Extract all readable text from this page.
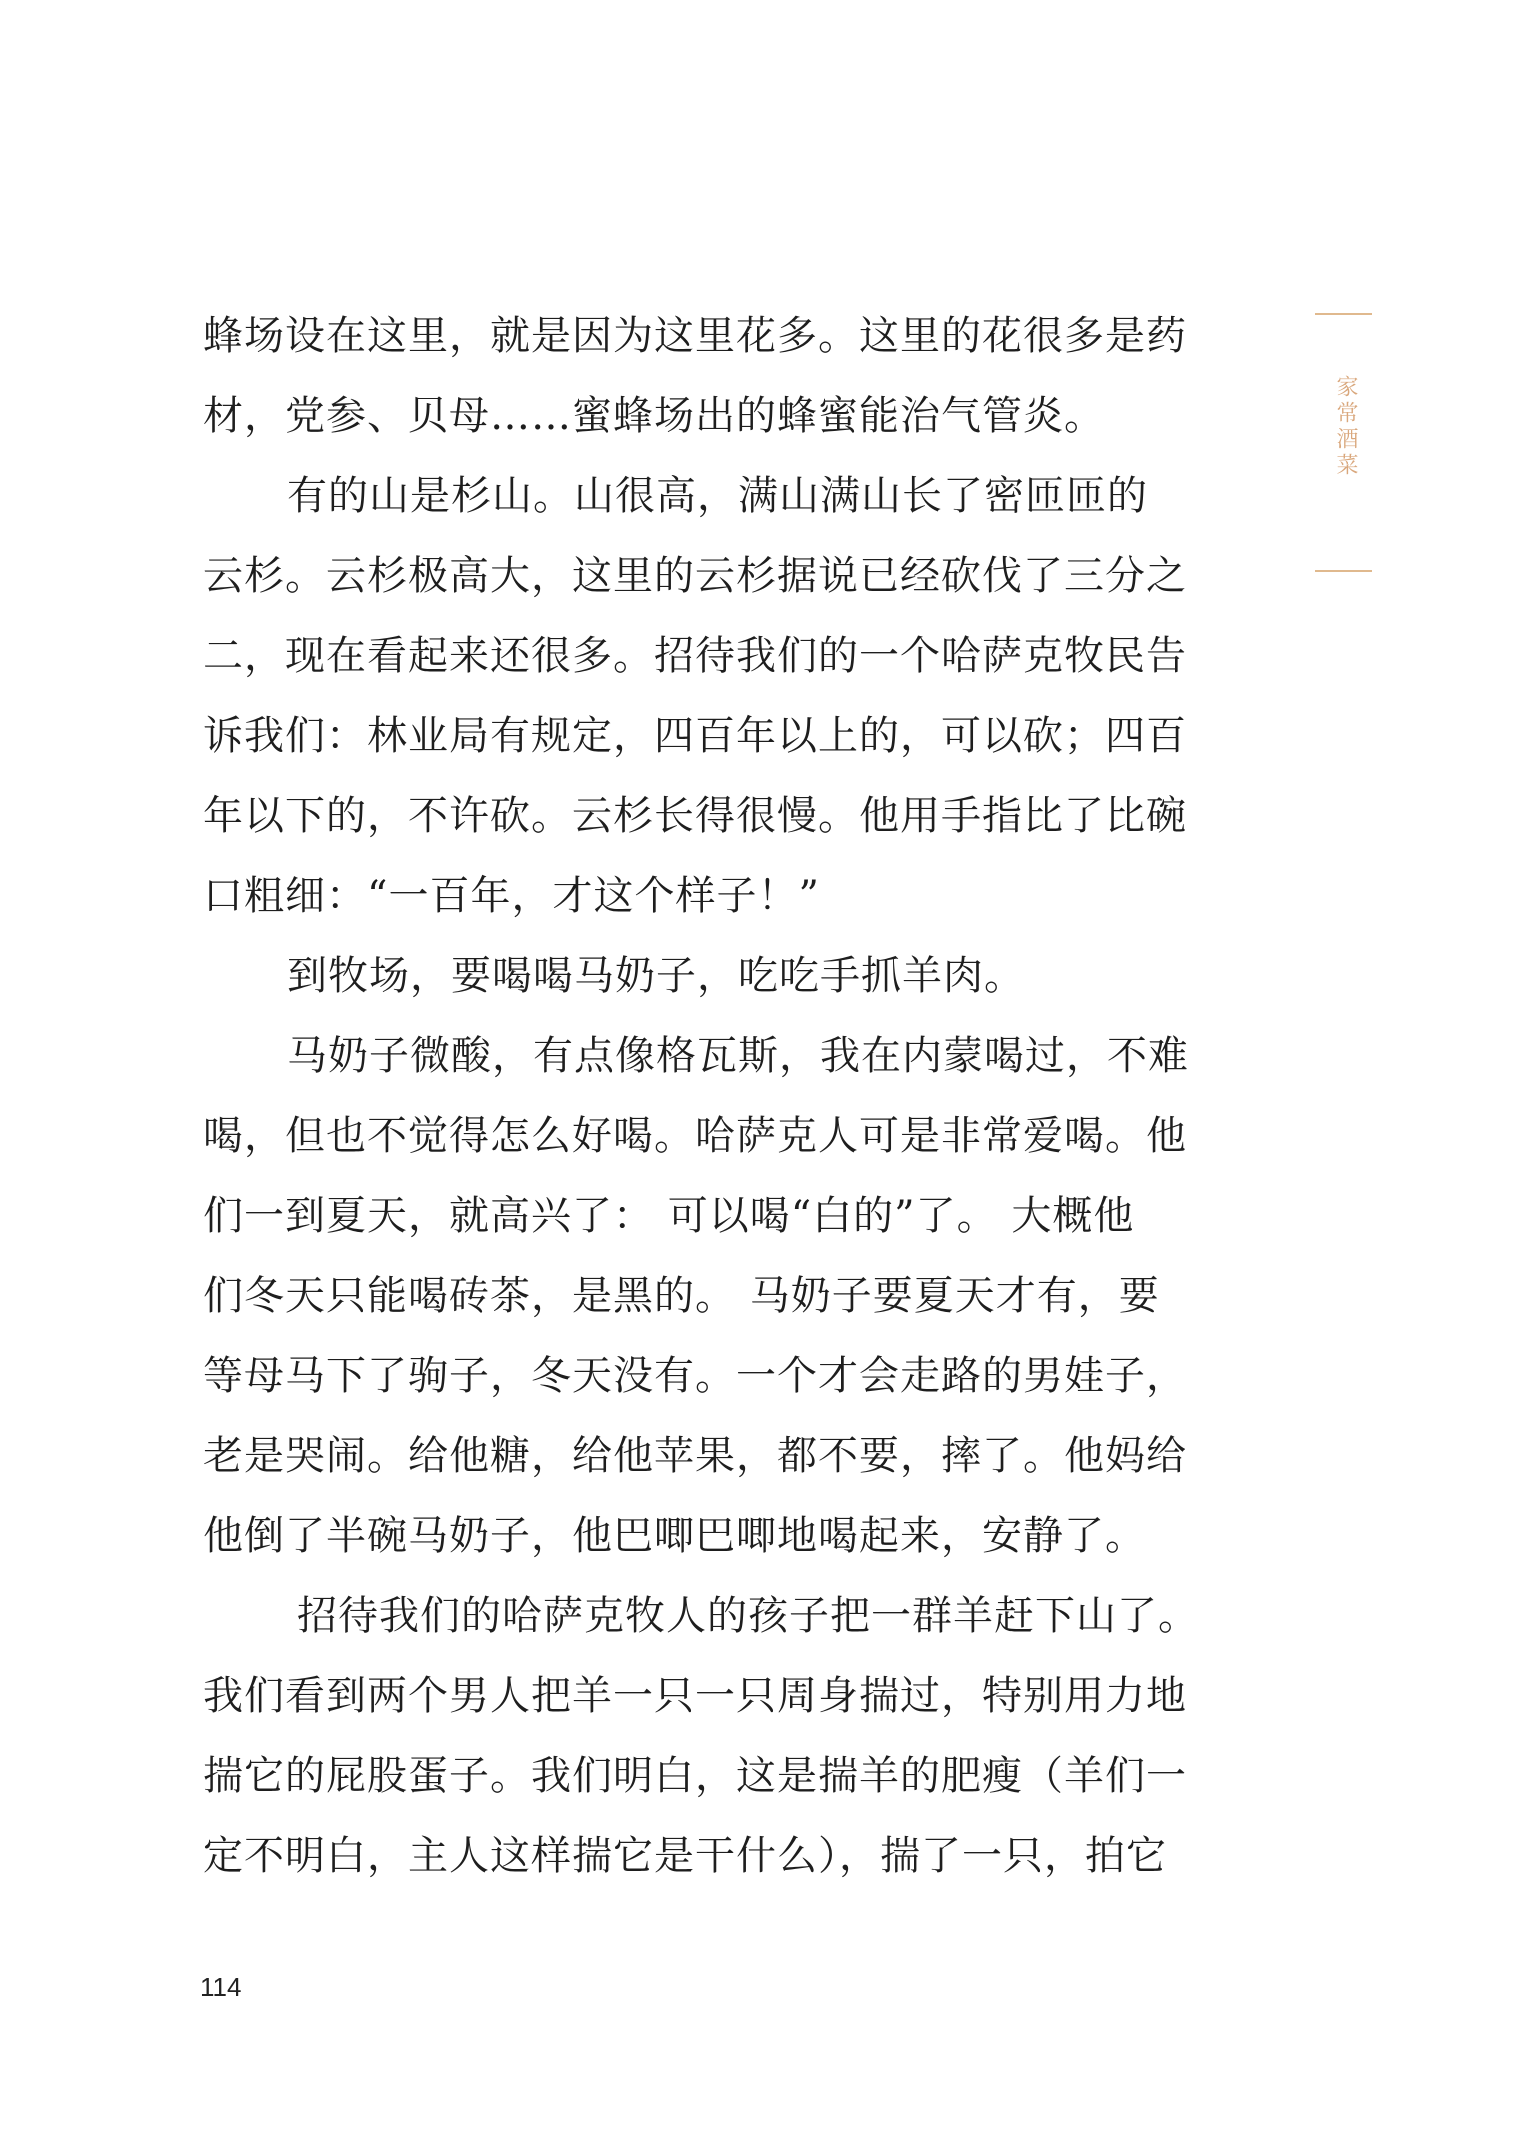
家常酒菜
蜂场设在这里，就是因为这里花多。这里的花很多是药
材，党参、贝母……蜜蜂场出的蜂蜜能治气管炎。
有的山是杉山。山很高，满山满山长了密匝匝的
云杉。云杉极高大，这里的云杉据说已经砍伐了三分之
二，现在看起来还很多。招待我们的一个哈萨克牧民告
诉我们：林业局有规定，四百年以上的，可以砍；四百
年以下的，不许砍。云杉长得很慢。他用手指比了比碗
口粗细：“一百年，才这个样子！”
到牧场，要喝喝马奶子，吃吃手抓羊肉。
马奶子微酸，有点像格瓦斯，我在内蒙喝过，不难
喝，但也不觉得怎么好喝。哈萨克人可是非常爱喝。他
们一到夏天，就高兴了： 可以喝“白的”了。 大概他
们冬天只能喝砖茶，是黑的。 马奶子要夏天才有，要
等母马下了驹子，冬天没有。一个才会走路的男娃子，
老是哭闹。给他糖，给他苹果，都不要，摔了。他妈给
他倒了半碗马奶子，他巴唧巴唧地喝起来，安静了。
招待我们的哈萨克牧人的孩子把一群羊赶下山了。
我们看到两个男人把羊一只一只周身揣过，特别用力地
揣它的屁股蛋子。我们明白，这是揣羊的肥瘦（羊们一
定不明白，主人这样揣它是干什么），揣了一只，拍它
114
